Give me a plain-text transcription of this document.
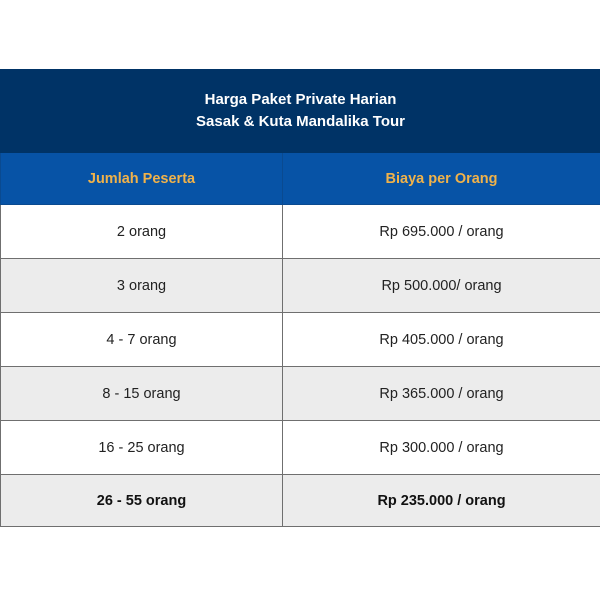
Harga Paket Private Harian
Sasak & Kuta Mandalika Tour	

Jumlah Peserta	Biaya per Orang
2 orang	Rp 695.000 / orang
3 orang	Rp 500.000/ orang
4 - 7 orang	Rp 405.000 / orang
8 - 15 orang	Rp 365.000 / orang
16 - 25 orang	Rp 300.000 / orang
26 - 55 orang	Rp 235.000 / orang
